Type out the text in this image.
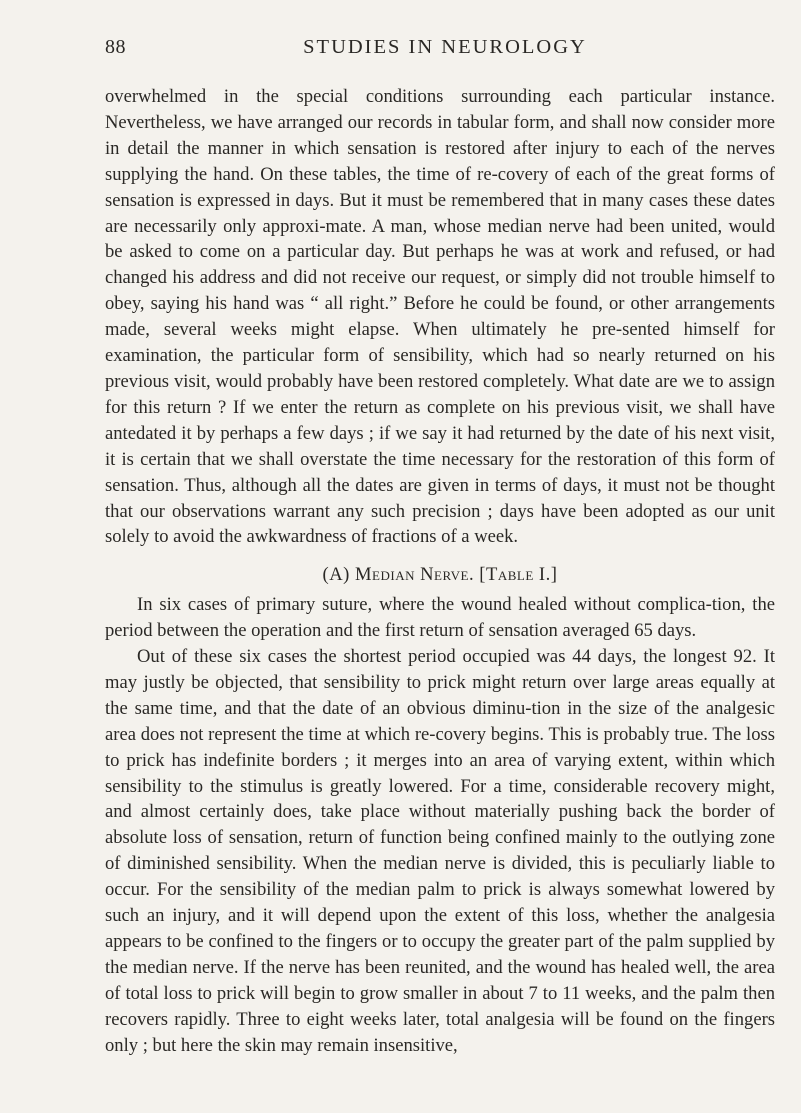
88	STUDIES IN NEUROLOGY

overwhelmed in the special conditions surrounding each particular instance. Nevertheless, we have arranged our records in tabular form, and shall now consider more in detail the manner in which sensation is restored after injury to each of the nerves supplying the hand. On these tables, the time of re-covery of each of the great forms of sensation is expressed in days. But it must be remembered that in many cases these dates are necessarily only approxi-mate. A man, whose median nerve had been united, would be asked to come on a particular day. But perhaps he was at work and refused, or had changed his address and did not receive our request, or simply did not trouble himself to obey, saying his hand was “ all right.” Before he could be found, or other arrangements made, several weeks might elapse. When ultimately he pre-sented himself for examination, the particular form of sensibility, which had so nearly returned on his previous visit, would probably have been restored completely. What date are we to assign for this return ? If we enter the return as complete on his previous visit, we shall have antedated it by perhaps a few days ; if we say it had returned by the date of his next visit, it is certain that we shall overstate the time necessary for the restoration of this form of sensation. Thus, although all the dates are given in terms of days, it must not be thought that our observations warrant any such precision ; days have been adopted as our unit solely to avoid the awkwardness of fractions of a week.

(A) Median Nerve. [Table I.]

In six cases of primary suture, where the wound healed without complica-tion, the period between the operation and the first return of sensation averaged 65 days.

Out of these six cases the shortest period occupied was 44 days, the longest 92. It may justly be objected, that sensibility to prick might return over large areas equally at the same time, and that the date of an obvious diminu-tion in the size of the analgesic area does not represent the time at which re-covery begins. This is probably true. The loss to prick has indefinite borders ; it merges into an area of varying extent, within which sensibility to the stimulus is greatly lowered. For a time, considerable recovery might, and almost certainly does, take place without materially pushing back the border of absolute loss of sensation, return of function being confined mainly to the outlying zone of diminished sensibility. When the median nerve is divided, this is peculiarly liable to occur. For the sensibility of the median palm to prick is always somewhat lowered by such an injury, and it will depend upon the extent of this loss, whether the analgesia appears to be confined to the fingers or to occupy the greater part of the palm supplied by the median nerve. If the nerve has been reunited, and the wound has healed well, the area of total loss to prick will begin to grow smaller in about 7 to 11 weeks, and the palm then recovers rapidly. Three to eight weeks later, total analgesia will be found on the fingers only ; but here the skin may remain insensitive,
